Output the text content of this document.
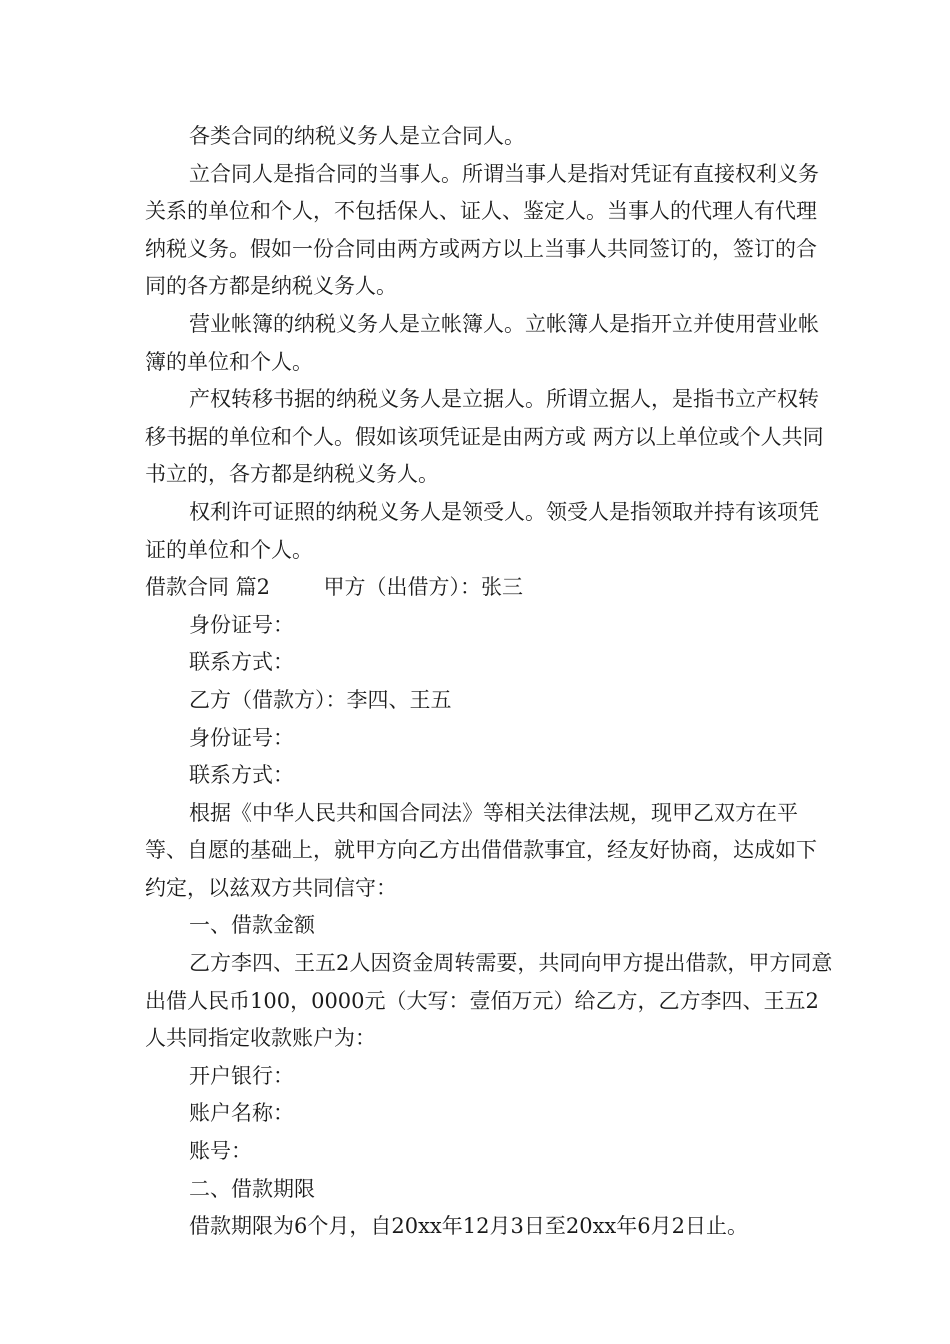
各类合同的纳税义务人是立合同人。

立合同人是指合同的当事人。所谓当事人是指对凭证有直接权利义务关系的单位和个人，不包括保人、证人、鉴定人。当事人的代理人有代理纳税义务。假如一份合同由两方或两方以上当事人共同签订的，签订的合同的各方都是纳税义务人。

营业帐簿的纳税义务人是立帐簿人。立帐簿人是指开立并使用营业帐簿的单位和个人。

产权转移书据的纳税义务人是立据人。所谓立据人，是指书立产权转移书据的单位和个人。假如该项凭证是由两方或 两方以上单位或个人共同书立的，各方都是纳税义务人。

权利许可证照的纳税义务人是领受人。领受人是指领取并持有该项凭证的单位和个人。

借款合同 篇2	甲方（出借方）：张三

身份证号：

联系方式：

乙方（借款方）：李四、王五

身份证号：

联系方式：

根据《中华人民共和国合同法》等相关法律法规，现甲乙双方在平等、自愿的基础上，就甲方向乙方出借借款事宜，经友好协商，达成如下约定，以兹双方共同信守：

一、借款金额

乙方李四、王五2人因资金周转需要，共同向甲方提出借款，甲方同意出借人民币100，0000元（大写：壹佰万元）给乙方，乙方李四、王五2人共同指定收款账户为：

开户银行：

账户名称：

账号：

二、借款期限

借款期限为6个月，自20xx年12月3日至20xx年6月2日止。
